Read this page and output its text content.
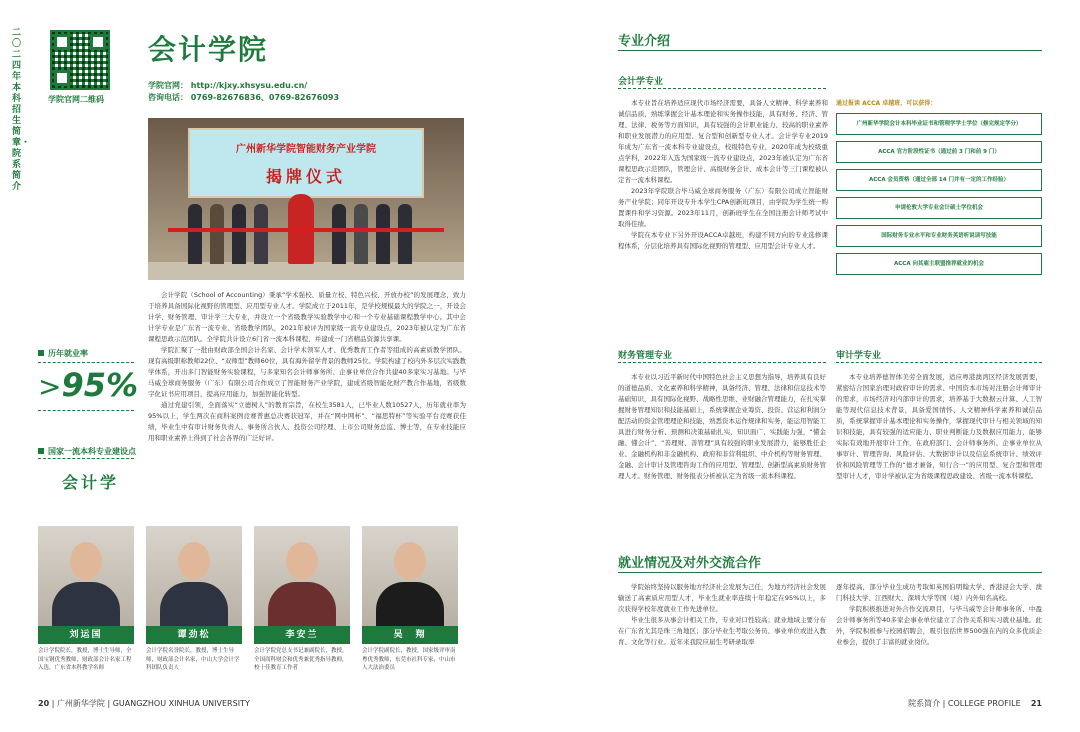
二〇二四年本科招生简章・院系简介
学院官网二维码
会计学院
学院官网： http://kjxy.xhsysu.edu.cn/
咨询电话： 0769-82676836、0769-82676093
广州新华学院智能财务产业学院
揭牌仪式

会计学院（School of Accounting）秉承“学术强校、质量立校、特色兴校、开放办校”的发展理念，致力于培养具备国际化视野的管理型、应用型专业人才。学院成立于2011年，是学校规模最大的学院之一，开设会计学、财务管理、审计学三大专业，并设立一个省级教学实验教学中心和一个专业基础课程教学中心。其中会计学专业是广东省一流专业、省级教学团队，2021年被评为国家级一流专业建设点，2023年被认定为广东省课程思政示范团队。全学院共计设立6门省一流本科课程，并建成一门省精品资源共享课。

学院汇聚了一批由财政部全国会计名家、会计学术领军人才、优秀教育工作者等组成的高素质教学团队。现有高级职称教师22位、“双师型”教师60位，具有海外留学背景的教师25位。学院构建了校内外多层次实践教学体系，开出多门智能财务实验课程，与多家知名会计师事务所、企事业单位合作共建40多家实习基地。与毕马威全球商务服务（广东）有限公司合作成立了智能财务产业学院，建成省级智能化财产教合作基地，省级数字化证书应用项目，提高应用能力，加强智能化转型。

通过党建引领，全面落实“立德树人”的教育宗旨，在校生3581人，已毕业人数10527人，历年就业率为95%以上，学生两次在商科案例竞赛普惠总决赛获冠军，并在“网中网杯”、“福思特杯”等实验平台竞赛获佳绩，毕业生中有审计财务负责人、事务所合伙人、投资公司经理、上市公司财务总监、博士等，在专业技能应用和职业素养上得到了社会各界的广泛好评。

历年就业率
>95%
国家一流本科专业建设点
会计学
刘运国
会计学院院长，教授，博士生导师，全国宝钢优秀教师，财政部会计名家工程入选，广东省本科教学名师
谭劲松
会计学院名誉院长，教授，博士生导师，财政部会计名家，中山大学会计学科团队负责人
李安兰
会计学院党总支书记兼副院长，教授，全国商科财会和优秀兼优秀指导教师，校十佳教育工作者
吴　翔
会计学院副院长，教授，国家级评审南粤优秀教师，东莞市社科专家，中山市人大法治委员
20 | 广州新华学院 | GUANGZHOU XINHUA UNIVERSITY
专业介绍
会计学专业

本专业旨在培养适应现代市场经济需要，具备人文精神、科学素养和诚信品质，熟练掌握会计基本理论和实务操作技能，具有财务、经济、管理、法律、税务等方面知识，具有较强的会计职业能力、较高的职业素养和职业发展潜力的应用型、复合型和创新型专业人才。会计学专业2019年成为广东省一流本科专业建设点，校级特色专业，2020年成为校级重点学科，2022年入选为国家级一流专业建设点，2023年被认定为广东省课程思政示范团队，管理会计、高级财务会计、成本会计等三门课程被认定省一流本科课程。

2023年学院联合毕马威全球商务服务（广东）有限公司成立智能财务产业学院；同年开设专升本学生CPA创新班项目，由学院为学生统一购置课件和学习资源。2023年11月，创新班学生在全国注册会计师考试中取得佳绩。

学院在本专业下另外开设ACCA卓越班，构建不同方向的专业选修课程体系，分层化培养具有国际化视野的管理型、应用型会计专业人才。

通过报读 ACCA 卓越班，可以获得：
广州新华学院会计本科毕业证书和管理学学士学位（修完规定学分）
ACCA 官方阶段性证书（通过前 3 门和前 9 门）
ACCA 会员资格（通过全部 14 门并有一定的工作经验）
申请伦敦大学专业会计硕士学位机会
国际财务专业水平和专业财务英语听说读写技能
ACCA 向其雇主联盟推荐就业的机会
财务管理专业

本专业以习近平新时代中国特色社会主义思想为指导，培养具有良好的道德品质、文化素养和科学精神，具备经济、管理、法律和信息技术等基础知识，具有国际化视野、战略性思维、业财融合管理能力，在扎实掌握财务管理知识和技能基础上，系统掌握企业筹资、投资、营运和利润分配活动的资金管理理论和技能，熟悉资本运作规律和实务，能运用智能工具进行财务分析、预测和决策基础扎实、知识面广、实践能力强，“懂金融、懂会计”、“善理财、善管理”具有较强的职业发展潜力，能够胜任企业、金融机构和非金融机构、政府和非营利组织、中介机构等财务管理、金融、会计审计及管理咨询工作的应用型、管理型、创新型高素质财务管理人才。财务管理、财务报表分析被认定为省级一流本科课程。

审计学专业

本专业培养德智体美劳全面发展，适应粤港澳湾区经济发展需要，紧密结合国家治理对政府审计的需求、中国资本市场对注册会计师审计的需求，市场经济对内部审计的需求，培养基于大数据云计算、人工智能等现代信息技术背景，具备爱国情怀、人文精神科学素养和诚信品质，系统掌握审计基本理论和实务操作，掌握现代审计与相关领域的知识和技能，具有较强的适应能力、职业判断能力及数据应用能力，能够实际有效地开展审计工作，在政府部门、会计师事务所、企事业单位从事审计、管理咨询、风险评估、大数据审计以及信息系统审计、绩效评价和风险管理等工作的“德才兼备，知行合一”的应用型、复合型和管理型审计人才，审计学被认定为省级课程思政建设、省级一流本科课程。

就业情况及对外交流合作

学院始终坚持以服务地方经济社会发展为己任，为地方经济社会发展输送了高素质应用型人才，毕业生就业率连续十年稳定在95%以上，多次获得学校年度就业工作先进单位。

毕业生很多从事会计相关工作，专业对口性较高；就业地域主要分布在广东省尤其是珠三角地区；部分毕业生考取公务员、事业单位或进入教育、文化等行业。近年来我院应届生考研录取率

逐年提高，部分毕业生成功考取如英国伯明翰大学、香港浸会大学、澳门科技大学、江西财大、深圳大学等国（境）内外知名高校。

学院积极推进对外合作交流项目，与毕马威等会计师事务所、中盈会计师事务所等40多家企事业单位建立了合作关系和实习就业基地。此外，学院积极参与校园招聘会，吸引包括世界500强在内的众多优质企业参会，提供了丰富的就业岗位。

院系简介 | COLLEGE PROFILE 21
